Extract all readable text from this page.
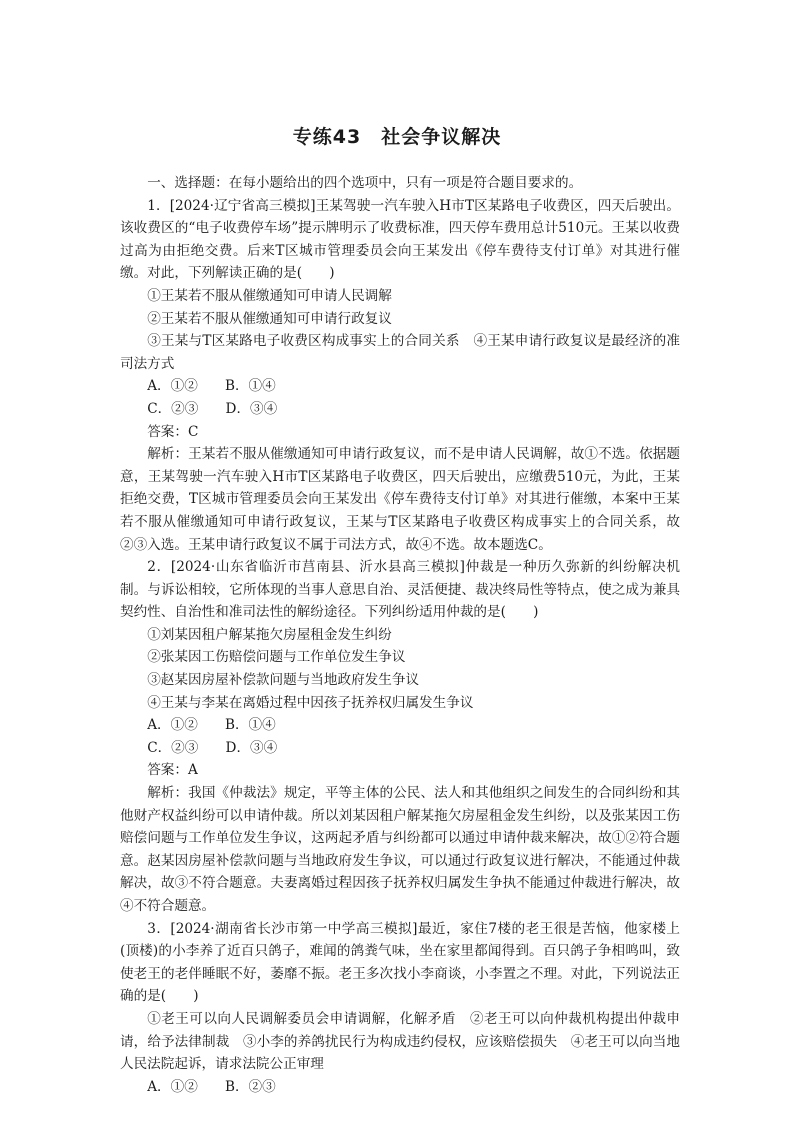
专练43　社会争议解决

一、选择题：在每小题给出的四个选项中，只有一项是符合题目要求的。

1．[2024·辽宁省高三模拟]王某驾驶一汽车驶入H市T区某路电子收费区，四天后驶出。该收费区的“电子收费停车场”提示牌明示了收费标准，四天停车费用总计510元。王某以收费过高为由拒绝交费。后来T区城市管理委员会向王某发出《停车费待支付订单》对其进行催缴。对此，下列解读正确的是(　　)

①王某若不服从催缴通知可申请人民调解

②王某若不服从催缴通知可申请行政复议

③王某与T区某路电子收费区构成事实上的合同关系　④王某申请行政复议是最经济的准司法方式

A．①②　　B．①④

C．②③　　D．③④

答案：C

解析：王某若不服从催缴通知可申请行政复议，而不是申请人民调解，故①不选。依据题意，王某驾驶一汽车驶入H市T区某路电子收费区，四天后驶出，应缴费510元，为此，王某拒绝交费，T区城市管理委员会向王某发出《停车费待支付订单》对其进行催缴，本案中王某若不服从催缴通知可申请行政复议，王某与T区某路电子收费区构成事实上的合同关系，故②③入选。王某申请行政复议不属于司法方式，故④不选。故本题选C。

2．[2024·山东省临沂市莒南县、沂水县高三模拟]仲裁是一种历久弥新的纠纷解决机制。与诉讼相较，它所体现的当事人意思自治、灵活便捷、裁决终局性等特点，使之成为兼具契约性、自治性和准司法性的解纷途径。下列纠纷适用仲裁的是(　　)

①刘某因租户解某拖欠房屋租金发生纠纷

②张某因工伤赔偿问题与工作单位发生争议

③赵某因房屋补偿款问题与当地政府发生争议

④王某与李某在离婚过程中因孩子抚养权归属发生争议

A．①②　　B．①④

C．②③　　D．③④

答案：A

解析：我国《仲裁法》规定，平等主体的公民、法人和其他组织之间发生的合同纠纷和其他财产权益纠纷可以申请仲裁。所以刘某因租户解某拖欠房屋租金发生纠纷，以及张某因工伤赔偿问题与工作单位发生争议，这两起矛盾与纠纷都可以通过申请仲裁来解决，故①②符合题意。赵某因房屋补偿款问题与当地政府发生争议，可以通过行政复议进行解决，不能通过仲裁解决，故③不符合题意。夫妻离婚过程因孩子抚养权归属发生争执不能通过仲裁进行解决，故④不符合题意。

3．[2024·湖南省长沙市第一中学高三模拟]最近，家住7楼的老王很是苦恼，他家楼上(顶楼)的小李养了近百只鸽子，难闻的鸽粪气味，坐在家里都闻得到。百只鸽子争相鸣叫，致使老王的老伴睡眠不好，萎靡不振。老王多次找小李商谈，小李置之不理。对此，下列说法正确的是(　　)

①老王可以向人民调解委员会申请调解，化解矛盾　②老王可以向仲裁机构提出仲裁申请，给予法律制裁　③小李的养鸽扰民行为构成违约侵权，应该赔偿损失　④老王可以向当地人民法院起诉，请求法院公正审理

A．①②　　B．②③
